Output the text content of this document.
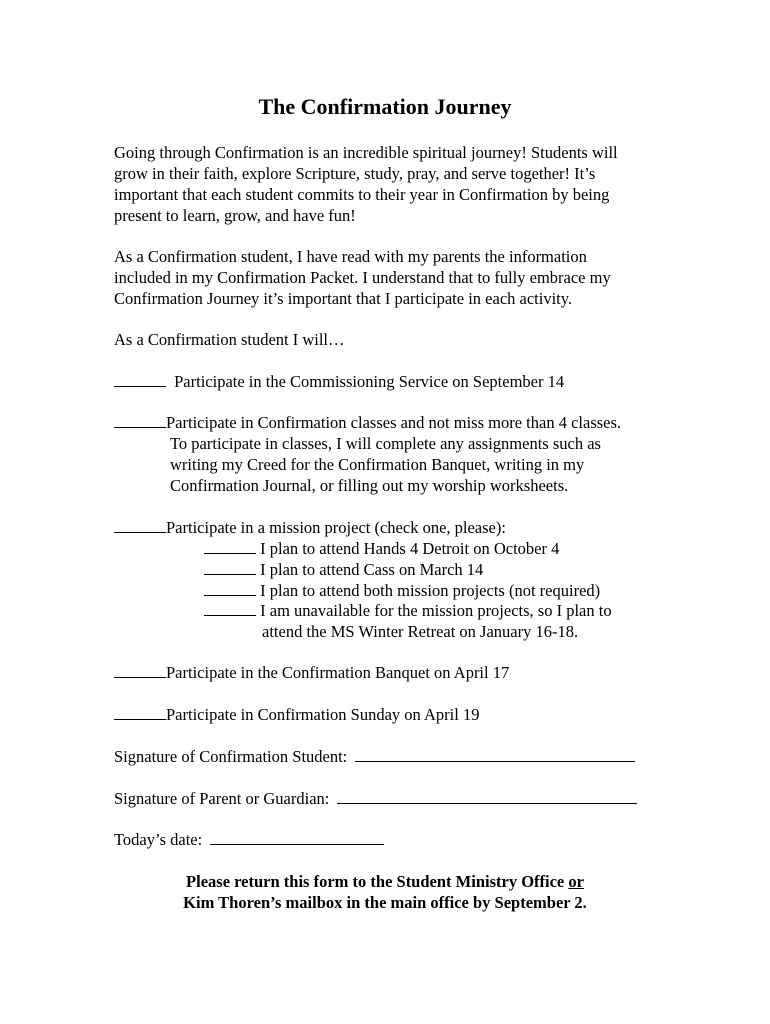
The Confirmation Journey
Going through Confirmation is an incredible spiritual journey! Students will
grow in their faith, explore Scripture, study, pray, and serve together! It’s
important that each student commits to their year in Confirmation by being
present to learn, grow, and have fun!
As a Confirmation student, I have read with my parents the information
included in my Confirmation Packet. I understand that to fully embrace my
Confirmation Journey it’s important that I participate in each activity.
As a Confirmation student I will…
Participate in the Commissioning Service on September 14
Participate in Confirmation classes and not miss more than 4 classes.
To participate in classes, I will complete any assignments such as
writing my Creed for the Confirmation Banquet, writing in my
Confirmation Journal, or filling out my worship worksheets.
Participate in a mission project (check one, please):
I plan to attend Hands 4 Detroit on October 4
I plan to attend Cass on March 14
I plan to attend both mission projects (not required)
I am unavailable for the mission projects, so I plan to
attend the MS Winter Retreat on January 16-18.
Participate in the Confirmation Banquet on April 17
Participate in Confirmation Sunday on April 19
Signature of Confirmation Student:
Signature of Parent or Guardian:
Today’s date:
Please return this form to the Student Ministry Office or
Kim Thoren’s mailbox in the main office by September 2.
